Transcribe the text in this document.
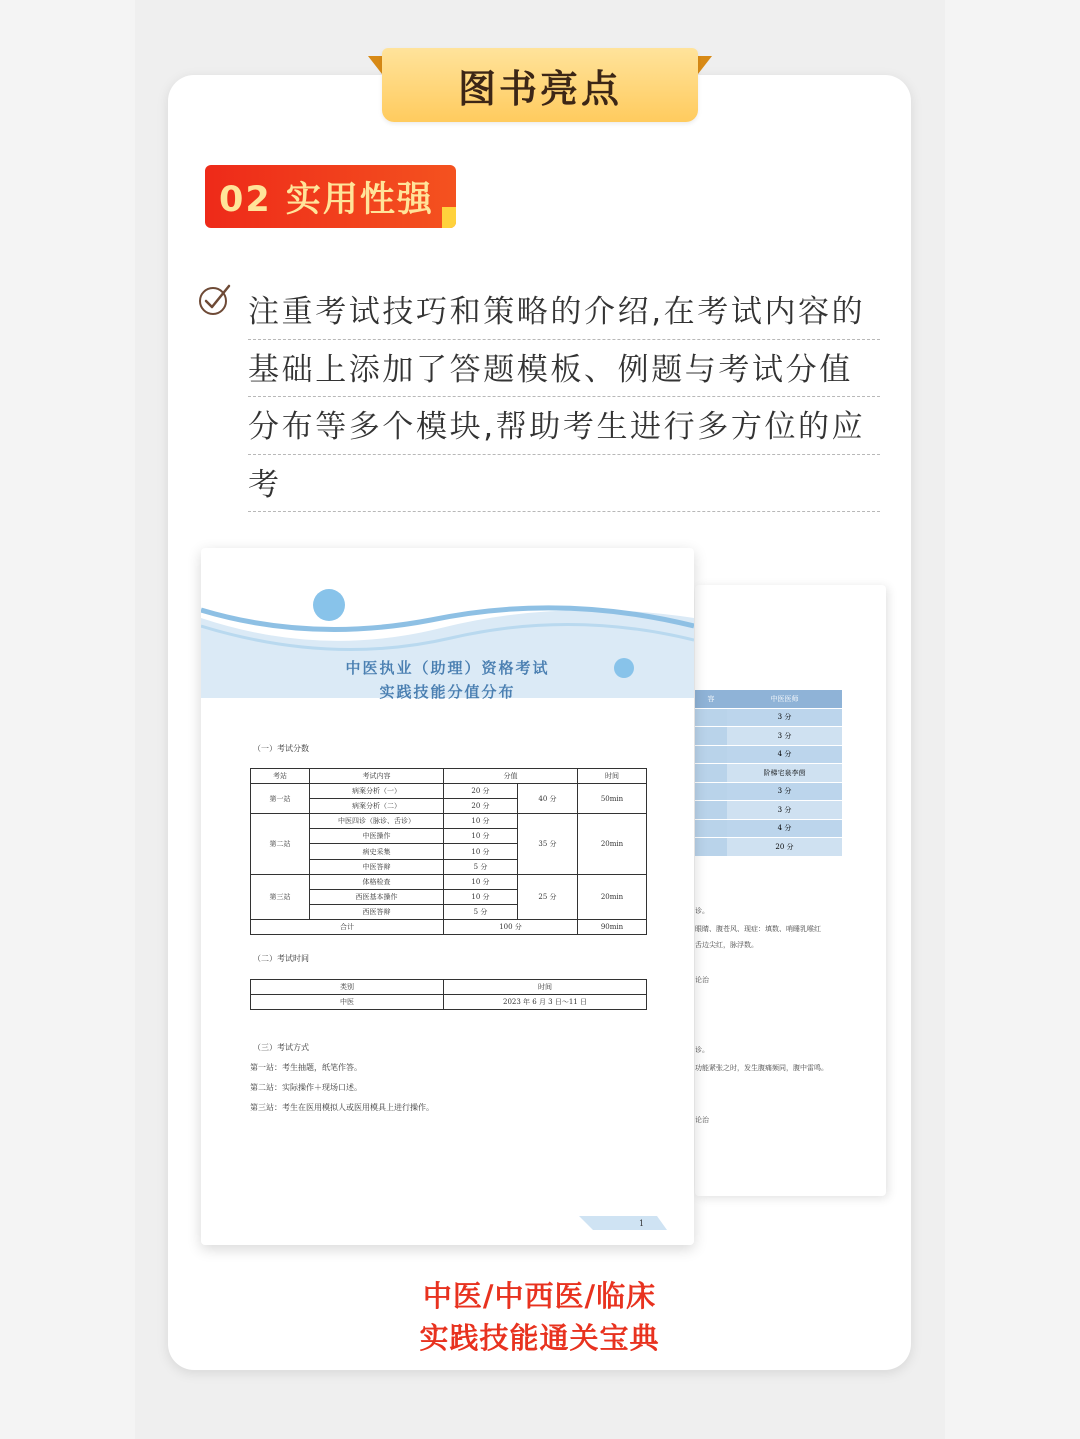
图书亮点
02 实用性强
注重考试技巧和策略的介绍,在考试内容的
基础上添加了答题模板、例题与考试分值
分布等多个模块,帮助考生进行多方位的应
考
容	中医医师
	3 分
	3 分
	4 分
	阶梯宅泉李茵
	3 分
	3 分
	4 分
	20 分
诊。
眼睛、腹苍风、现症：填数、哨睡乳喉红
舌边尖红，脉浮数。
论治
诊。
功能紧张之时，发生腹痛频同，腹中雷鸣。
论治
中医执业（助理）资格考试
实践技能分值分布
（一）考试分数
考站	考试内容	分值		时间
第一站	病案分析（一）	20 分	40 分	50min
	病案分析（二）	20 分		
第二站	中医四诊（脉诊、舌诊）	10 分	35 分	20min
	中医操作	10 分		
	病史采集	10 分		
	中医答辩	5 分		
第三站	体格检查	10 分	25 分	20min
	西医基本操作	10 分		
	西医答辩	5 分		
合计		100 分		90min
（二）考试时间
类别	时间
中医	2023 年 6 月 3 日～11 日
（三）考试方式
第一站：考生抽题，纸笔作答。
第二站：实际操作＋现场口述。
第三站：考生在医用模拟人或医用模具上进行操作。
1
中医/中西医/临床
实践技能通关宝典
